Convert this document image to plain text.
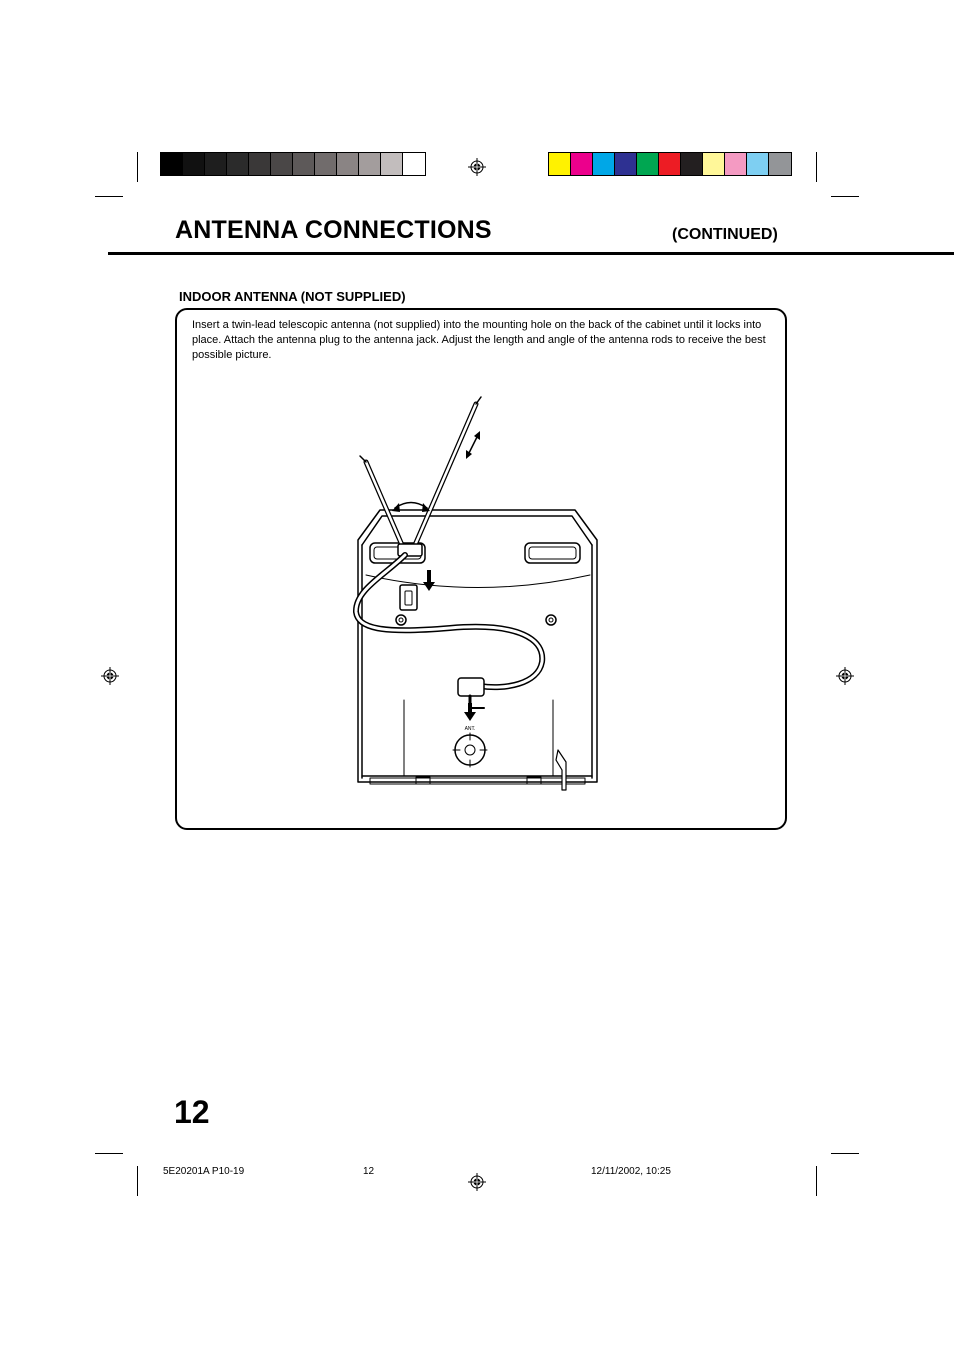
ANTENNA CONNECTIONS	(CONTINUED)
INDOOR ANTENNA (NOT SUPPLIED)
Insert a twin-lead telescopic antenna (not supplied) into the mounting hole on the back of the cabinet until it locks into place. Attach the antenna plug to the antenna jack. Adjust the length and angle of the antenna rods to receive the best possible picture.
ANT.
12
5E20201A P10-19	12	12/11/2002, 10:25
